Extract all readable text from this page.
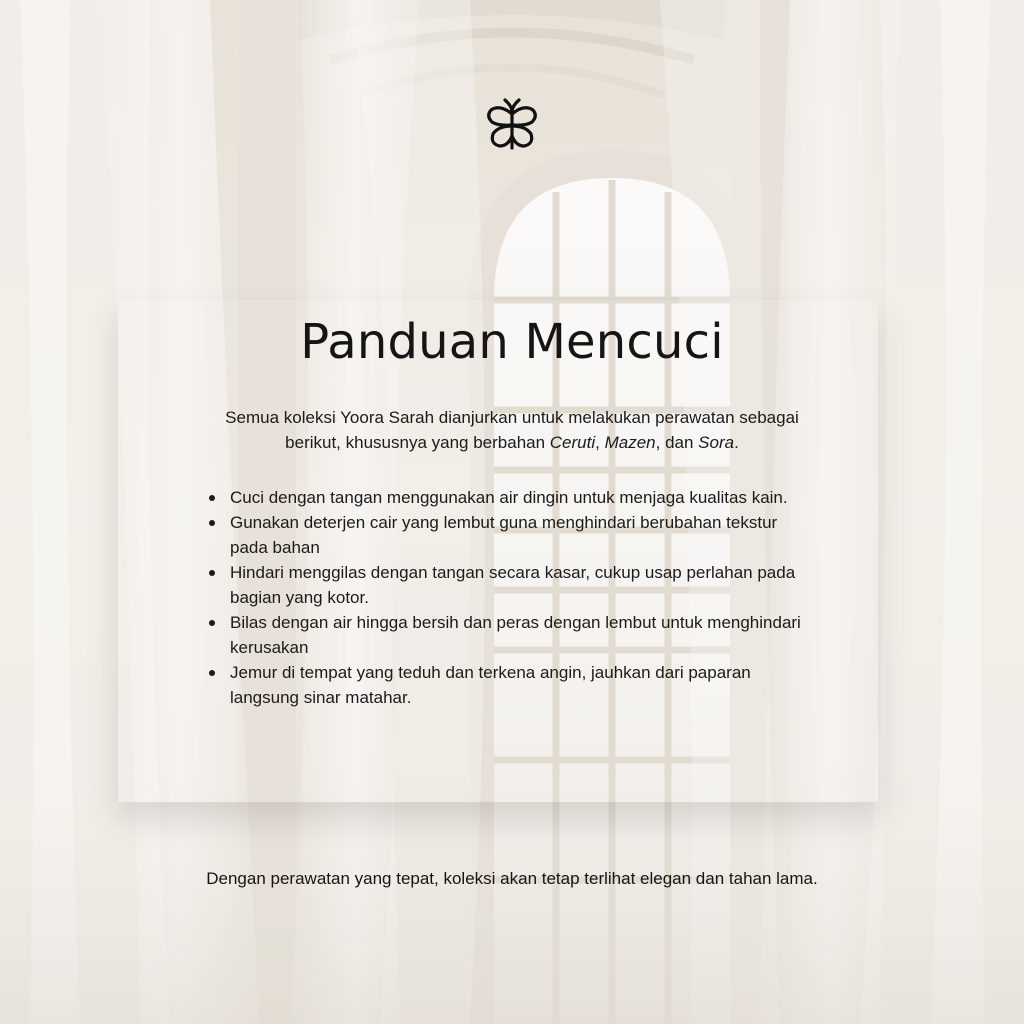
Panduan Mencuci

Semua koleksi Yoora Sarah dianjurkan untuk melakukan perawatan sebagai berikut, khususnya yang berbahan Ceruti, Mazen, dan Sora.

Cuci dengan tangan menggunakan air dingin untuk menjaga kualitas kain.
Gunakan deterjen cair yang lembut guna menghindari berubahan tekstur pada bahan
Hindari menggilas dengan tangan secara kasar, cukup usap perlahan pada bagian yang kotor.
Bilas dengan air hingga bersih dan peras dengan lembut untuk menghindari kerusakan
Jemur di tempat yang teduh dan terkena angin, jauhkan dari paparan langsung sinar matahar.

Dengan perawatan yang tepat, koleksi akan tetap terlihat elegan dan tahan lama.
